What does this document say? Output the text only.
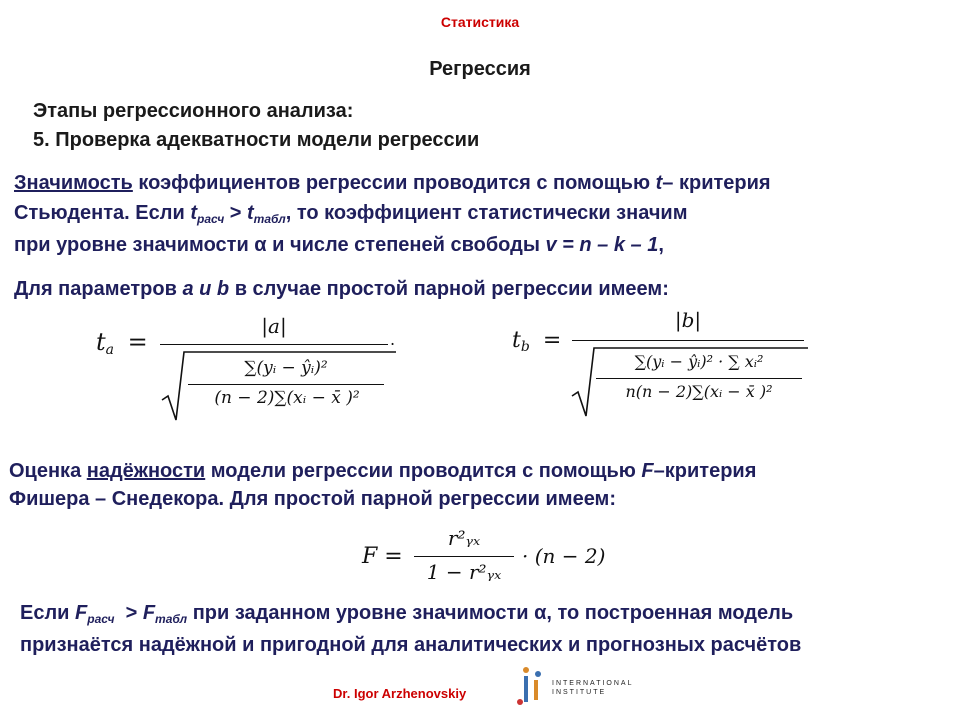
Статистика
Регрессия
Этапы регрессионного анализа:
5. Проверка адекватности модели регрессии
Значимость коэффициентов регрессии проводится с помощью t– критерия
Стьюдента. Если $t_{расч} > t_{табл}$, то коэффициент статистически значим
при уровне значимости α и числе степеней свободы v = n – k – 1,
Для параметров a и b в случае простой парной регрессии имеем:
$t_a$ =
|a|
∑(yᵢ − ŷᵢ)²
(n − 2)∑(xᵢ − x̄ )²
.	$t_b$ =
|b|
∑(yᵢ − ŷᵢ)² · ∑ xᵢ²
n(n − 2)∑(xᵢ − x̄ )²
Оценка надёжности модели регрессии проводится с помощью F–критерия
Фишера – Снедекора. Для простой парной регрессии имеем:
F =
r²ᵧₓ
1 − r²ᵧₓ
· (n − 2)
Если $F_{расч} > F_{табл}$ при заданном уровне значимости α, то построенная модель
признаётся надёжной и пригодной для аналитических и прогнозных расчётов
Dr. Igor Arzhenovskiy
INTERNATIONAL INSTITUTE
